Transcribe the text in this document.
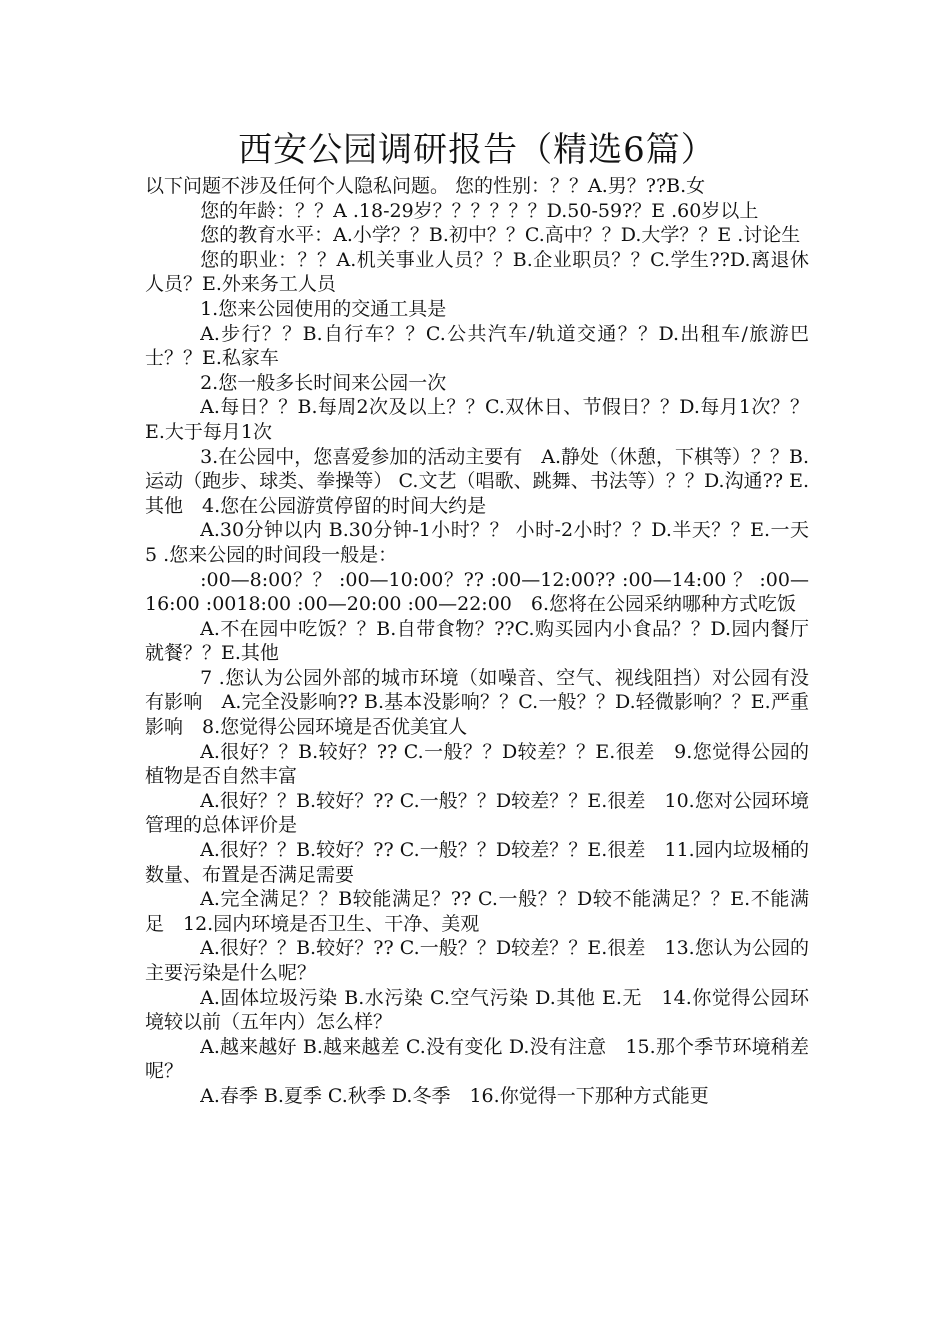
西安公园调研报告（精选6篇）

以下问题不涉及任何个人隐私问题。 您的性别：？？A.男？??B.女

您的年龄：？？A .18-29岁？？？？？？D.50-59?？E .60岁以上

您的教育水平：A.小学？？B.初中？？C.高中？？D.大学？？E .讨论生

您的职业：？？A.机关事业人员？？B.企业职员？？C.学生??D.离退休人员？E.外来务工人员

1.您来公园使用的交通工具是

A.步行？？B.自行车？？C.公共汽车/轨道交通？？D.出租车/旅游巴士？？E.私家车

2.您一般多长时间来公园一次

A.每日？？B.每周2次及以上？？C.双休日、节假日？？D.每月1次？？E.大于每月1次

3.在公园中，您喜爱参加的活动主要有　A.静处（休憩，下棋等）？？B.运动（跑步、球类、拳操等） C.文艺（唱歌、跳舞、书法等）？？D.沟通?? E.其他　4.您在公园游赏停留的时间大约是

A.30分钟以内 B.30分钟-1小时？？ 小时-2小时？？D.半天？？E.一天　5 .您来公园的时间段一般是：

:00—8:00？？ :00—10:00？?? :00—12:00?? :00—14:00 ？ :00—16:00 :0018:00 :00—20:00 :00—22:00　6.您将在公园采纳哪种方式吃饭

A.不在园中吃饭？？B.自带食物？??C.购买园内小食品？？D.园内餐厅就餐？？E.其他

7 .您认为公园外部的城市环境（如噪音、空气、视线阻挡）对公园有没有影响　A.完全没影响?? B.基本没影响？？C.一般？？D.轻微影响？？E.严重影响　8.您觉得公园环境是否优美宜人

A.很好？？B.较好？?? C.一般？？D较差？？E.很差　9.您觉得公园的植物是否自然丰富

A.很好？？B.较好？?? C.一般？？D较差？？E.很差　10.您对公园环境管理的总体评价是

A.很好？？B.较好？?? C.一般？？D较差？？E.很差　11.园内垃圾桶的数量、布置是否满足需要

A.完全满足？？B较能满足？?? C.一般？？D较不能满足？？E.不能满足　12.园内环境是否卫生、干净、美观

A.很好？？B.较好？?? C.一般？？D较差？？E.很差　13.您认为公园的主要污染是什么呢？

A.固体垃圾污染 B.水污染 C.空气污染 D.其他 E.无　14.你觉得公园环境较以前（五年内）怎么样？

A.越来越好 B.越来越差 C.没有变化 D.没有注意　15.那个季节环境稍差呢？

A.春季 B.夏季 C.秋季 D.冬季　16.你觉得一下那种方式能更
